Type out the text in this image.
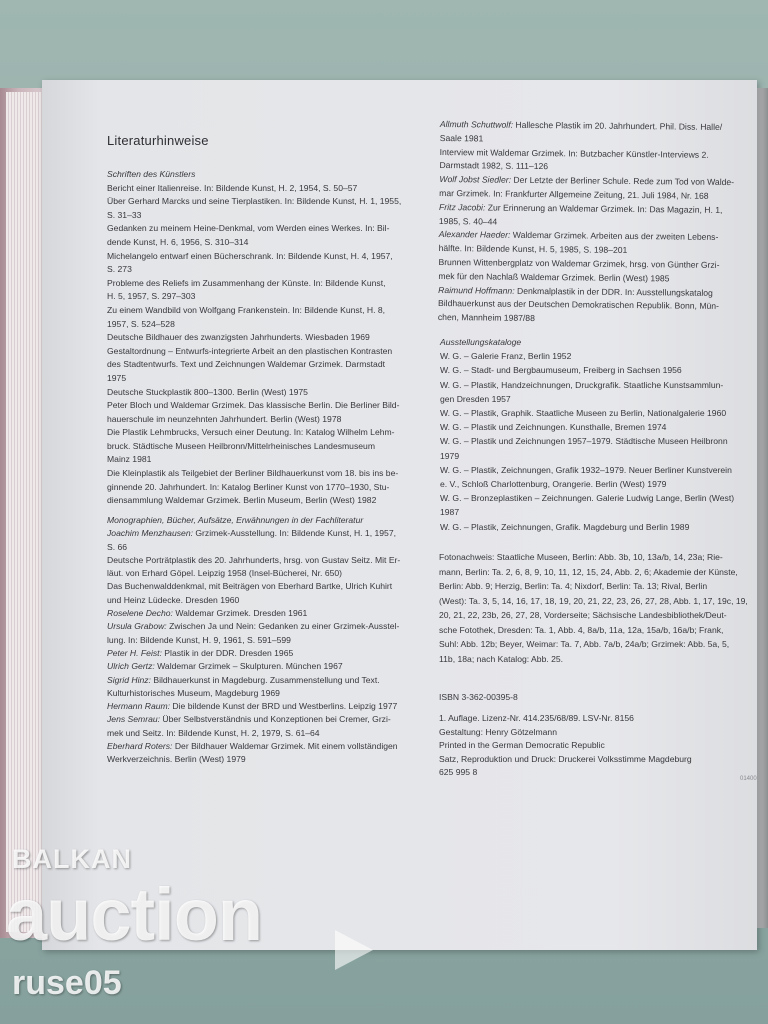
Literaturhinweise
Schriften des Künstlers
Bericht einer Italienreise. In: Bildende Kunst, H. 2, 1954, S. 50–57
Über Gerhard Marcks und seine Tierplastiken. In: Bildende Kunst, H. 1, 1955,
S. 31–33
Gedanken zu meinem Heine-Denkmal, vom Werden eines Werkes. In: Bil-
dende Kunst, H. 6, 1956, S. 310–314
Michelangelo entwarf einen Bücherschrank. In: Bildende Kunst, H. 4, 1957,
S. 273
Probleme des Reliefs im Zusammenhang der Künste. In: Bildende Kunst,
H. 5, 1957, S. 297–303
Zu einem Wandbild von Wolfgang Frankenstein. In: Bildende Kunst, H. 8,
1957, S. 524–528
Deutsche Bildhauer des zwanzigsten Jahrhunderts. Wiesbaden 1969
Gestaltordnung – Entwurfs-integrierte Arbeit an den plastischen Kontrasten
des Stadtentwurfs. Text und Zeichnungen Waldemar Grzimek. Darmstadt
1975
Deutsche Stuckplastik 800–1300. Berlin (West) 1975
Peter Bloch und Waldemar Grzimek. Das klassische Berlin. Die Berliner Bild-
hauerschule im neunzehnten Jahrhundert. Berlin (West) 1978
Die Plastik Lehmbrucks, Versuch einer Deutung. In: Katalog Wilhelm Lehm-
bruck. Städtische Museen Heilbronn/Mittelrheinisches Landesmuseum
Mainz 1981
Die Kleinplastik als Teilgebiet der Berliner Bildhauerkunst vom 18. bis ins be-
ginnende 20. Jahrhundert. In: Katalog Berliner Kunst von 1770–1930, Stu-
diensammlung Waldemar Grzimek. Berlin Museum, Berlin (West) 1982
Monographien, Bücher, Aufsätze, Erwähnungen in der Fachliteratur
Joachim Menzhausen: Grzimek-Ausstellung. In: Bildende Kunst, H. 1, 1957,
S. 66
Deutsche Porträtplastik des 20. Jahrhunderts, hrsg. von Gustav Seitz. Mit Er-
läut. von Erhard Göpel. Leipzig 1958 (Insel-Bücherei, Nr. 650)
Das Buchenwalddenkmal, mit Beiträgen von Eberhard Bartke, Ulrich Kuhirt
und Heinz Lüdecke. Dresden 1960
Roselene Decho: Waldemar Grzimek. Dresden 1961
Ursula Grabow: Zwischen Ja und Nein: Gedanken zu einer Grzimek-Ausstel-
lung. In: Bildende Kunst, H. 9, 1961, S. 591–599
Peter H. Feist: Plastik in der DDR. Dresden 1965
Ulrich Gertz: Waldemar Grzimek – Skulpturen. München 1967
Sigrid Hinz: Bildhauerkunst in Magdeburg. Zusammenstellung und Text.
Kulturhistorisches Museum, Magdeburg 1969
Hermann Raum: Die bildende Kunst der BRD und Westberlins. Leipzig 1977
Jens Semrau: Über Selbstverständnis und Konzeptionen bei Cremer, Grzi-
mek und Seitz. In: Bildende Kunst, H. 2, 1979, S. 61–64
Eberhard Roters: Der Bildhauer Waldemar Grzimek. Mit einem vollständigen
Werkverzeichnis. Berlin (West) 1979
Allmuth Schuttwolf: Hallesche Plastik im 20. Jahrhundert. Phil. Diss. Halle/
Saale 1981
Interview mit Waldemar Grzimek. In: Butzbacher Künstler-Interviews 2.
Darmstadt 1982, S. 111–126
Wolf Jobst Siedler: Der Letzte der Berliner Schule. Rede zum Tod von Walde-
mar Grzimek. In: Frankfurter Allgemeine Zeitung, 21. Juli 1984, Nr. 168
Fritz Jacobi: Zur Erinnerung an Waldemar Grzimek. In: Das Magazin, H. 1,
1985, S. 40–44
Alexander Haeder: Waldemar Grzimek. Arbeiten aus der zweiten Lebens-
hälfte. In: Bildende Kunst, H. 5, 1985, S. 198–201
Brunnen Wittenbergplatz von Waldemar Grzimek, hrsg. von Günther Grzi-
mek für den Nachlaß Waldemar Grzimek. Berlin (West) 1985
Raimund Hoffmann: Denkmalplastik in der DDR. In: Ausstellungskatalog
Bildhauerkunst aus der Deutschen Demokratischen Republik. Bonn, Mün-
chen, Mannheim 1987/88
Ausstellungskataloge
W. G. – Galerie Franz, Berlin 1952
W. G. – Stadt- und Bergbaumuseum, Freiberg in Sachsen 1956
W. G. – Plastik, Handzeichnungen, Druckgrafik. Staatliche Kunstsammlun-
gen Dresden 1957
W. G. – Plastik, Graphik. Staatliche Museen zu Berlin, Nationalgalerie 1960
W. G. – Plastik und Zeichnungen. Kunsthalle, Bremen 1974
W. G. – Plastik und Zeichnungen 1957–1979. Städtische Museen Heilbronn
1979
W. G. – Plastik, Zeichnungen, Grafik 1932–1979. Neuer Berliner Kunstverein
e. V., Schloß Charlottenburg, Orangerie. Berlin (West) 1979
W. G. – Bronzeplastiken – Zeichnungen. Galerie Ludwig Lange, Berlin (West)
1987
W. G. – Plastik, Zeichnungen, Grafik. Magdeburg und Berlin 1989
Fotonachweis: Staatliche Museen, Berlin: Abb. 3b, 10, 13a/b, 14, 23a; Rie-
mann, Berlin: Ta. 2, 6, 8, 9, 10, 11, 12, 15, 24, Abb. 2, 6; Akademie der Künste,
Berlin: Abb. 9; Herzig, Berlin: Ta. 4; Nixdorf, Berlin: Ta. 13; Rival, Berlin
(West): Ta. 3, 5, 14, 16, 17, 18, 19, 20, 21, 22, 23, 26, 27, 28, Abb. 1, 17, 19c, 19,
20, 21, 22, 23b, 26, 27, 28, Vorderseite; Sächsische Landesbibliothek/Deut-
sche Fotothek, Dresden: Ta. 1, Abb. 4, 8a/b, 11a, 12a, 15a/b, 16a/b; Frank,
Suhl: Abb. 12b; Beyer, Weimar: Ta. 7, Abb. 7a/b, 24a/b; Grzimek: Abb. 5a, 5,
11b, 18a; nach Katalog: Abb. 25.
ISBN 3-362-00395-8
1. Auflage. Lizenz-Nr. 414.235/68/89. LSV-Nr. 8156
Gestaltung: Henry Götzelmann
Printed in the German Democratic Republic
Satz, Reproduktion und Druck: Druckerei Volksstimme Magdeburg
625 995 8
01400
BALKAN
auction
ruse05
